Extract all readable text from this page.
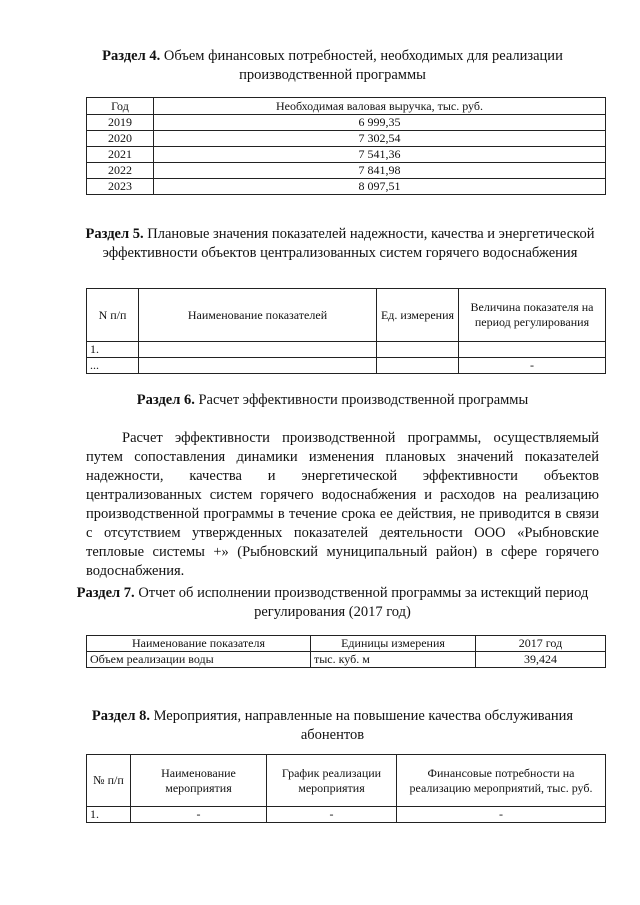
Раздел 4. Объем финансовых потребностей, необходимых для реализации производственной программы
Год	Необходимая валовая выручка, тыс. руб.
2019	6 999,35
2020	7 302,54
2021	7 541,36
2022	7 841,98
2023	8 097,51
Раздел 5. Плановые значения показателей надежности, качества и энергетической эффективности объектов централизованных систем горячего водоснабжения
N п/п	Наименование показателей	Ед. измерения	Величина показателя на период регулирования
1.			
...			-
Раздел 6. Расчет эффективности производственной программы
Расчет эффективности производственной программы, осуществляемый путем сопоставления динамики изменения плановых значений показателей надежности, качества и энергетической эффективности объектов централизованных систем горячего водоснабжения и расходов на реализацию производственной программы в течение срока ее действия, не приводится в связи с отсутствием утвержденных показателей деятельности ООО «Рыбновские тепловые системы +» (Рыбновский муниципальный район) в сфере горячего водоснабжения.
Раздел 7. Отчет об исполнении производственной программы за истекщий период регулирования (2017 год)
Наименование показателя	Единицы измерения	2017 год
Объем реализации воды	тыс. куб. м	39,424
Раздел 8. Мероприятия, направленные на повышение качества обслуживания абонентов
№ п/п	Наименование мероприятия	График реализации мероприятия	Финансовые потребности на реализацию мероприятий, тыс. руб.
1.	-	-	-
